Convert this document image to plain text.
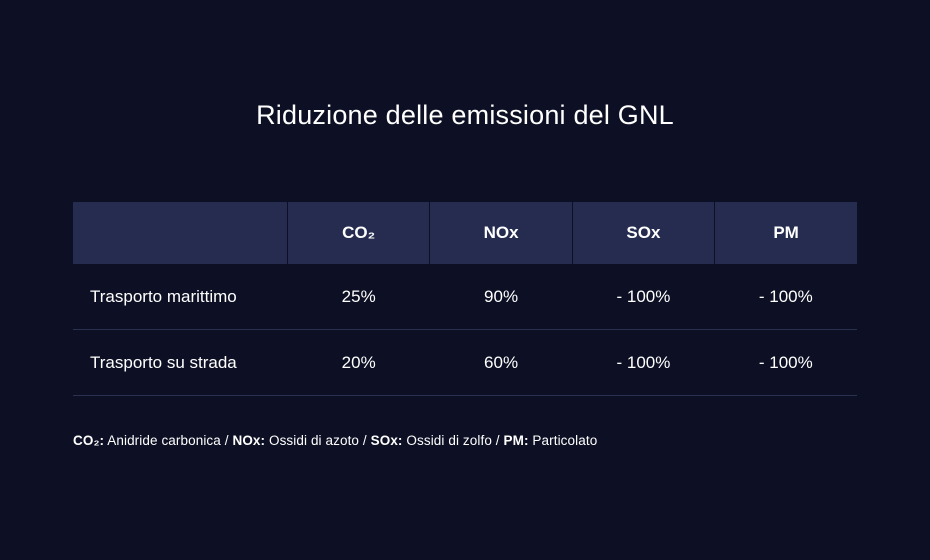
Riduzione delle emissioni del GNL
	CO₂	NOx	SOx	PM
Trasporto marittimo	25%	90%	- 100%	- 100%
Trasporto su strada	20%	60%	- 100%	- 100%
CO₂: Anidride carbonica / NOx: Ossidi di azoto / SOx: Ossidi di zolfo / PM: Particolato
